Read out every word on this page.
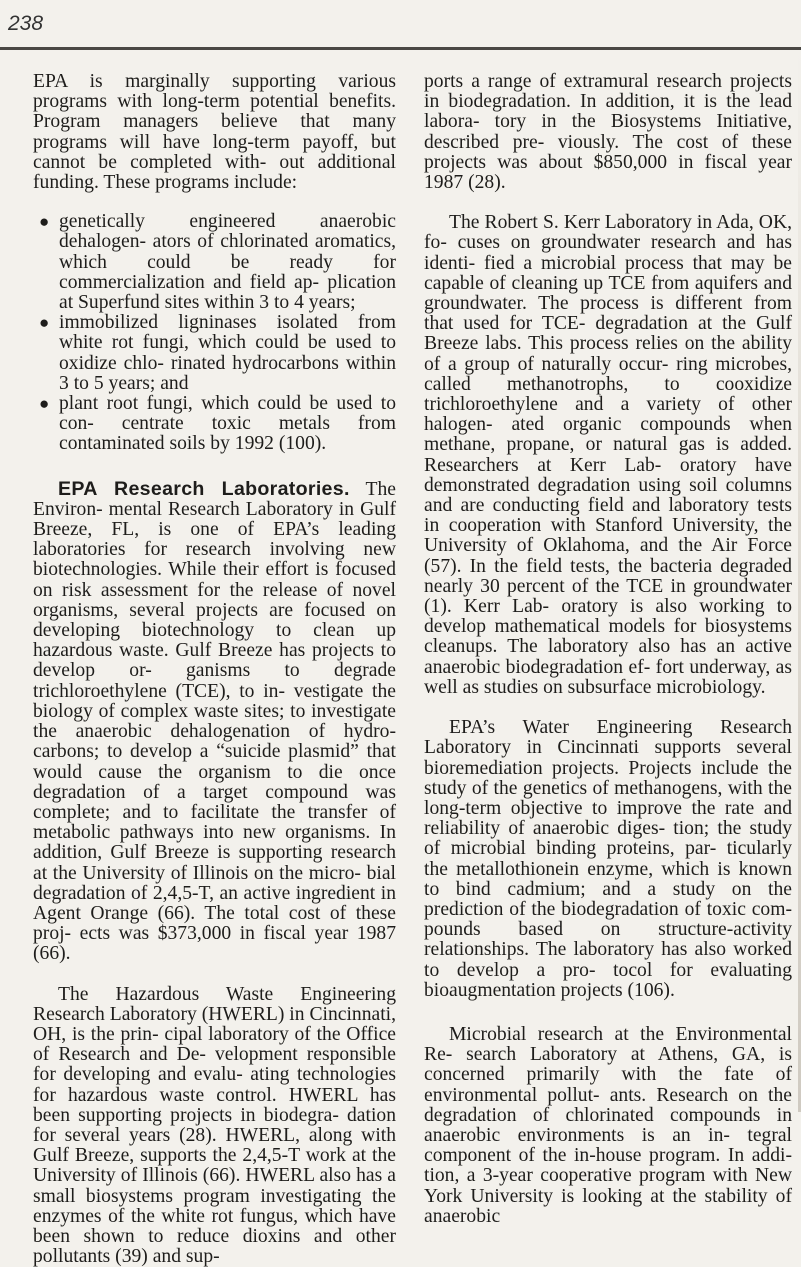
238

EPA is marginally supporting various programs with long-term potential benefits. Program managers believe that many programs will have long-term payoff, but cannot be completed with- out additional funding. These programs include:

● genetically engineered anaerobic dehalogen- ators of chlorinated aromatics, which could be ready for commercialization and field ap- plication at Superfund sites within 3 to 4 years;
● immobilized ligninases isolated from white rot fungi, which could be used to oxidize chlo- rinated hydrocarbons within 3 to 5 years; and
● plant root fungi, which could be used to con- centrate toxic metals from contaminated soils by 1992 (100).

EPA Research Laboratories. The Environ- mental Research Laboratory in Gulf Breeze, FL, is one of EPA’s leading laboratories for research involving new biotechnologies. While their effort is focused on risk assessment for the release of novel organisms, several projects are focused on developing biotechnology to clean up hazardous waste. Gulf Breeze has projects to develop or- ganisms to degrade trichloroethylene (TCE), to in- vestigate the biology of complex waste sites; to investigate the anaerobic dehalogenation of hydro- carbons; to develop a “suicide plasmid” that would cause the organism to die once degradation of a target compound was complete; and to facilitate the transfer of metabolic pathways into new organisms. In addition, Gulf Breeze is supporting research at the University of Illinois on the micro- bial degradation of 2,4,5-T, an active ingredient in Agent Orange (66). The total cost of these proj- ects was $373,000 in fiscal year 1987 (66).

The Hazardous Waste Engineering Research Laboratory (HWERL) in Cincinnati, OH, is the prin- cipal laboratory of the Office of Research and De- velopment responsible for developing and evalu- ating technologies for hazardous waste control. HWERL has been supporting projects in biodegra- dation for several years (28). HWERL, along with Gulf Breeze, supports the 2,4,5-T work at the University of Illinois (66). HWERL also has a small biosystems program investigating the enzymes of the white rot fungus, which have been shown to reduce dioxins and other pollutants (39) and sup-

ports a range of extramural research projects in biodegradation. In addition, it is the lead labora- tory in the Biosystems Initiative, described pre- viously. The cost of these projects was about $850,000 in fiscal year 1987 (28).

The Robert S. Kerr Laboratory in Ada, OK, fo- cuses on groundwater research and has identi- fied a microbial process that may be capable of cleaning up TCE from aquifers and groundwater. The process is different from that used for TCE- degradation at the Gulf Breeze labs. This process relies on the ability of a group of naturally occur- ring microbes, called methanotrophs, to cooxidize trichloroethylene and a variety of other halogen- ated organic compounds when methane, propane, or natural gas is added. Researchers at Kerr Lab- oratory have demonstrated degradation using soil columns and are conducting field and laboratory tests in cooperation with Stanford University, the University of Oklahoma, and the Air Force (57). In the field tests, the bacteria degraded nearly 30 percent of the TCE in groundwater (1). Kerr Lab- oratory is also working to develop mathematical models for biosystems cleanups. The laboratory also has an active anaerobic biodegradation ef- fort underway, as well as studies on subsurface microbiology.

EPA’s Water Engineering Research Laboratory in Cincinnati supports several bioremediation projects. Projects include the study of the genetics of methanogens, with the long-term objective to improve the rate and reliability of anaerobic diges- tion; the study of microbial binding proteins, par- ticularly the metallothionein enzyme, which is known to bind cadmium; and a study on the prediction of the biodegradation of toxic com- pounds based on structure-activity relationships. The laboratory has also worked to develop a pro- tocol for evaluating bioaugmentation projects (106).

Microbial research at the Environmental Re- search Laboratory at Athens, GA, is concerned primarily with the fate of environmental pollut- ants. Research on the degradation of chlorinated compounds in anaerobic environments is an in- tegral component of the in-house program. In addi- tion, a 3-year cooperative program with New York University is looking at the stability of anaerobic
